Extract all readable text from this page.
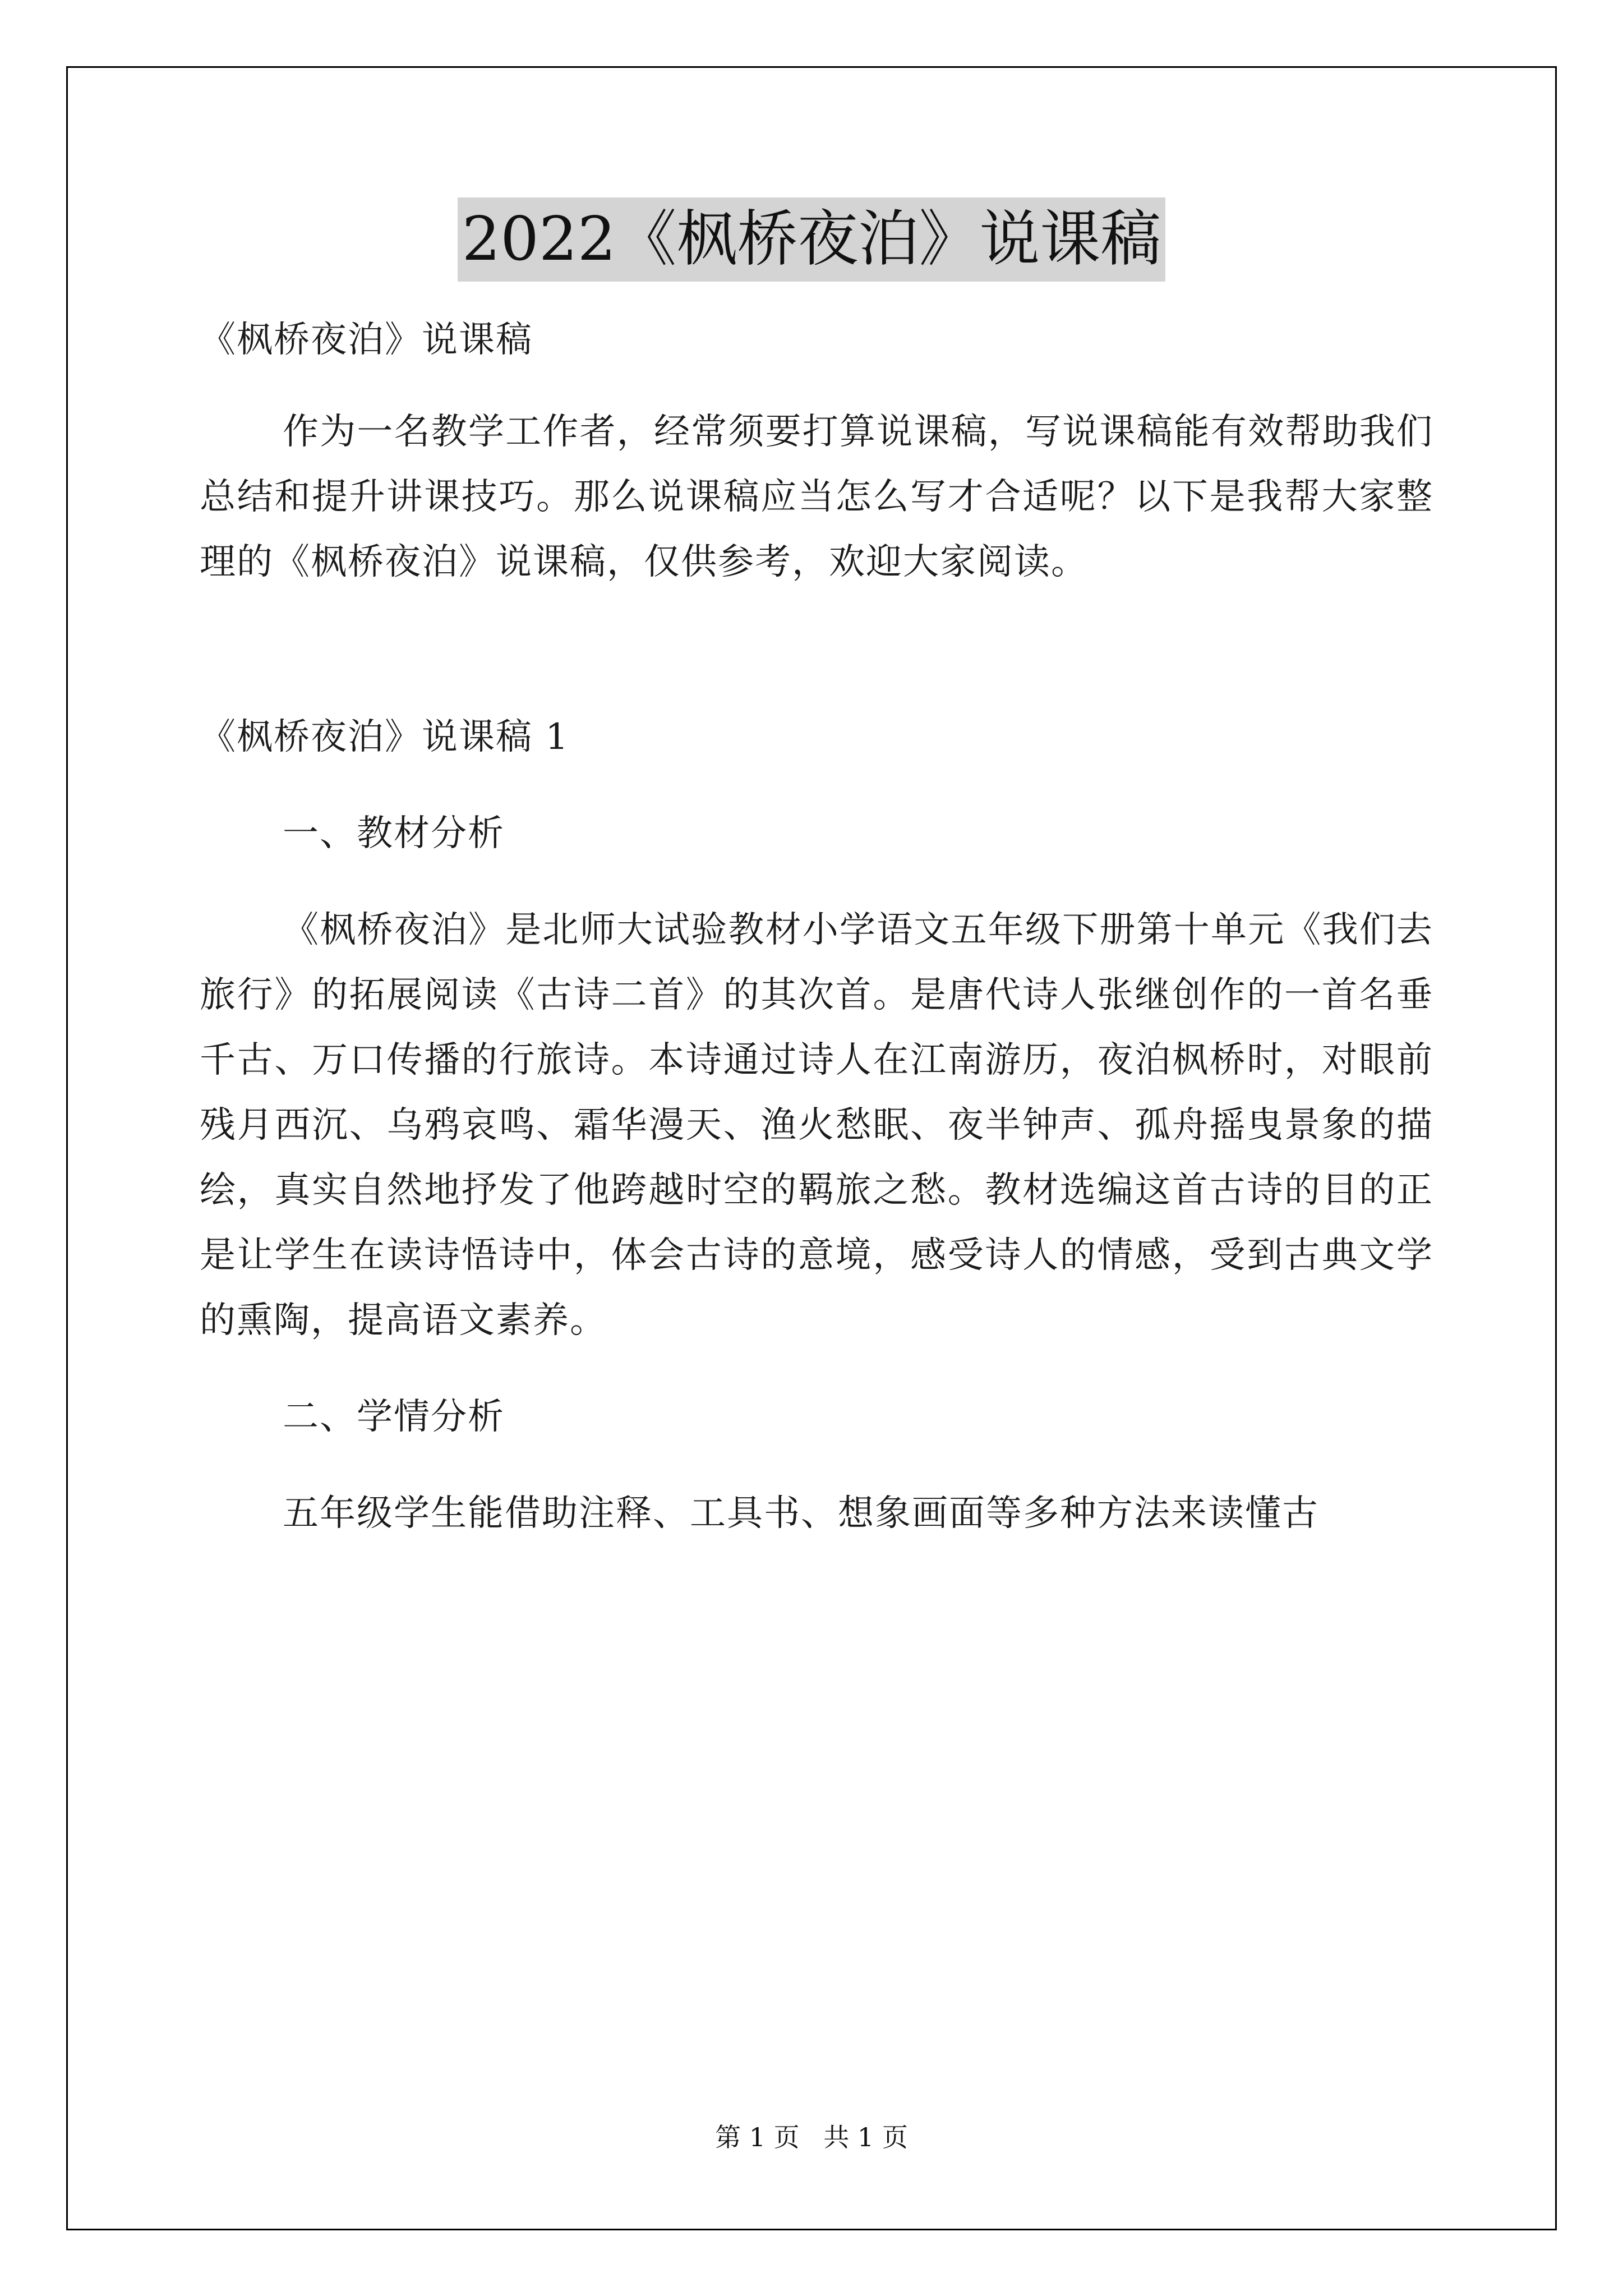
2022《枫桥夜泊》说课稿

《枫桥夜泊》说课稿

作为一名教学工作者，经常须要打算说课稿，写说课稿能有效帮助我们总结和提升讲课技巧。那么说课稿应当怎么写才合适呢？以下是我帮大家整理的《枫桥夜泊》说课稿，仅供参考，欢迎大家阅读。

《枫桥夜泊》说课稿 1

一、教材分析

《枫桥夜泊》是北师大试验教材小学语文五年级下册第十单元《我们去旅行》的拓展阅读《古诗二首》的其次首。是唐代诗人张继创作的一首名垂千古、万口传播的行旅诗。本诗通过诗人在江南游历，夜泊枫桥时，对眼前残月西沉、乌鸦哀鸣、霜华漫天、渔火愁眠、夜半钟声、孤舟摇曳景象的描绘，真实自然地抒发了他跨越时空的羁旅之愁。教材选编这首古诗的目的正是让学生在读诗悟诗中，体会古诗的意境，感受诗人的情感，受到古典文学的熏陶，提高语文素养。

二、学情分析

五年级学生能借助注释、工具书、想象画面等多种方法来读懂古

第 1 页 共 1 页
